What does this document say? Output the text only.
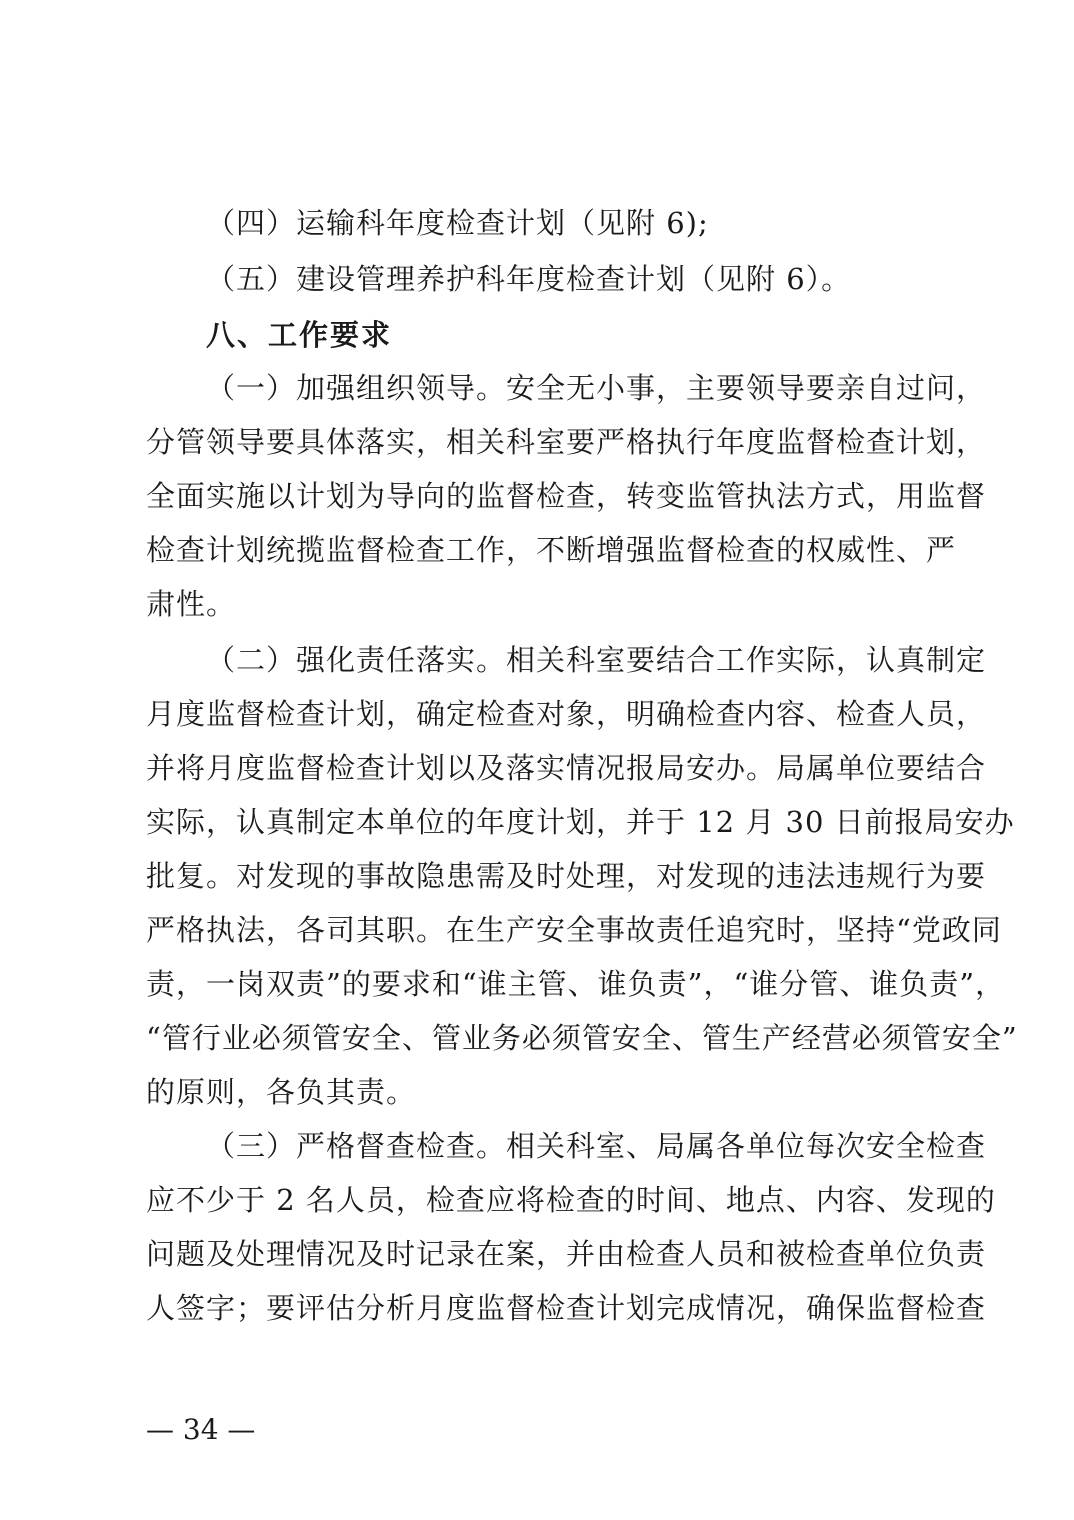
（四）运输科年度检查计划（见附 6);
（五）建设管理养护科年度检查计划（见附 6）。
八、工作要求
（一）加强组织领导。安全无小事，主要领导要亲自过问，
分管领导要具体落实，相关科室要严格执行年度监督检查计划，
全面实施以计划为导向的监督检查，转变监管执法方式，用监督
检查计划统揽监督检查工作，不断增强监督检查的权威性、严
肃性。
（二）强化责任落实。相关科室要结合工作实际，认真制定
月度监督检查计划，确定检查对象，明确检查内容、检查人员，
并将月度监督检查计划以及落实情况报局安办。局属单位要结合
实际，认真制定本单位的年度计划，并于 12 月 30 日前报局安办
批复。对发现的事故隐患需及时处理，对发现的违法违规行为要
严格执法，各司其职。在生产安全事故责任追究时，坚持“党政同
责，一岗双责”的要求和“谁主管、谁负责”，“谁分管、谁负责”，
“管行业必须管安全、管业务必须管安全、管生产经营必须管安全”
的原则，各负其责。
（三）严格督查检查。相关科室、局属各单位每次安全检查
应不少于 2 名人员，检查应将检查的时间、地点、内容、发现的
问题及处理情况及时记录在案，并由检查人员和被检查单位负责
人签字；要评估分析月度监督检查计划完成情况，确保监督检查
— 34 —
